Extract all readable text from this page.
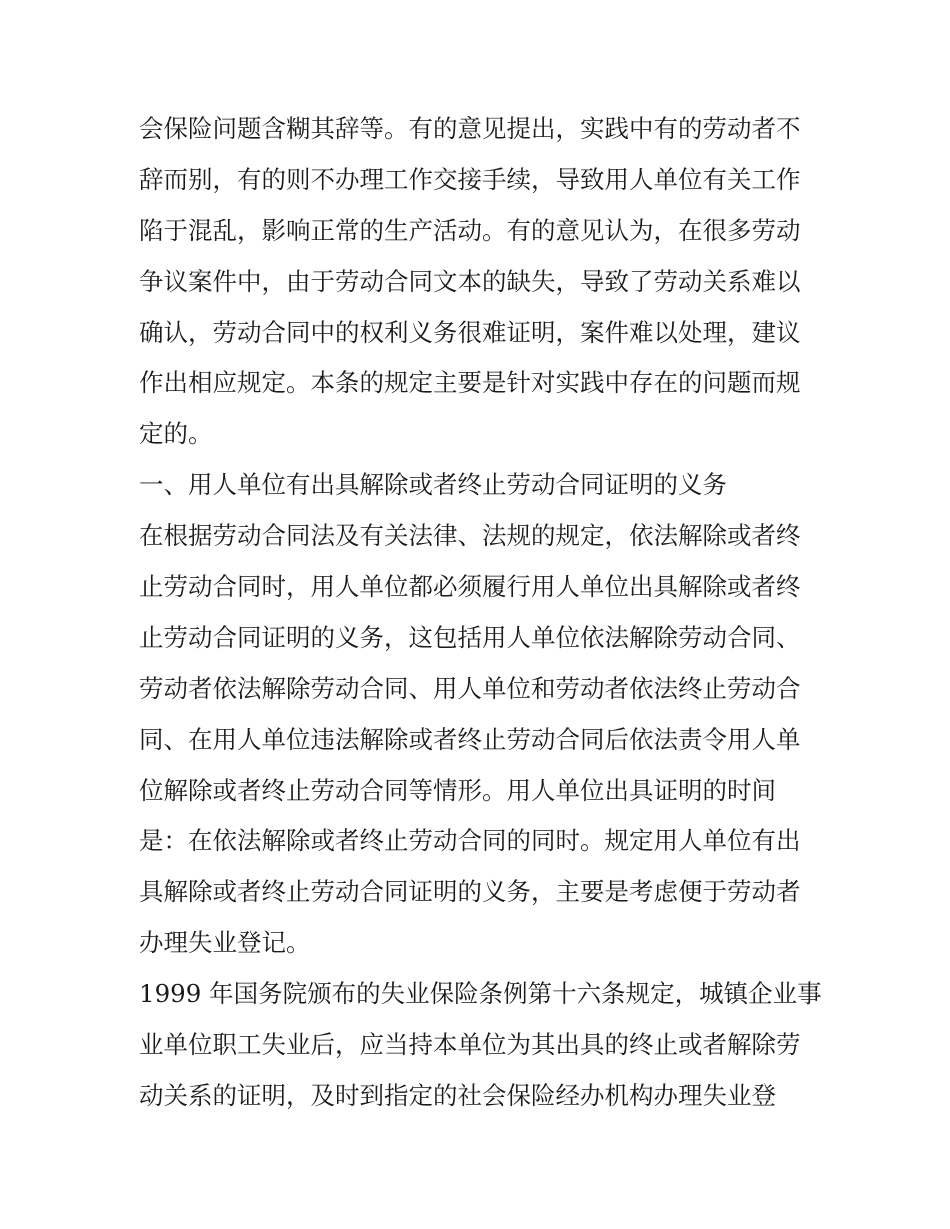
会保险问题含糊其辞等。有的意见提出，实践中有的劳动者不
辞而别，有的则不办理工作交接手续，导致用人单位有关工作
陷于混乱，影响正常的生产活动。有的意见认为，在很多劳动
争议案件中，由于劳动合同文本的缺失，导致了劳动关系难以
确认，劳动合同中的权利义务很难证明，案件难以处理，建议
作出相应规定。本条的规定主要是针对实践中存在的问题而规
定的。
一、用人单位有出具解除或者终止劳动合同证明的义务
在根据劳动合同法及有关法律、法规的规定，依法解除或者终
止劳动合同时，用人单位都必须履行用人单位出具解除或者终
止劳动合同证明的义务，这包括用人单位依法解除劳动合同、
劳动者依法解除劳动合同、用人单位和劳动者依法终止劳动合
同、在用人单位违法解除或者终止劳动合同后依法责令用人单
位解除或者终止劳动合同等情形。用人单位出具证明的时间
是：在依法解除或者终止劳动合同的同时。规定用人单位有出
具解除或者终止劳动合同证明的义务，主要是考虑便于劳动者
办理失业登记。
1999 年国务院颁布的失业保险条例第十六条规定，城镇企业事
业单位职工失业后，应当持本单位为其出具的终止或者解除劳
动关系的证明，及时到指定的社会保险经办机构办理失业登
